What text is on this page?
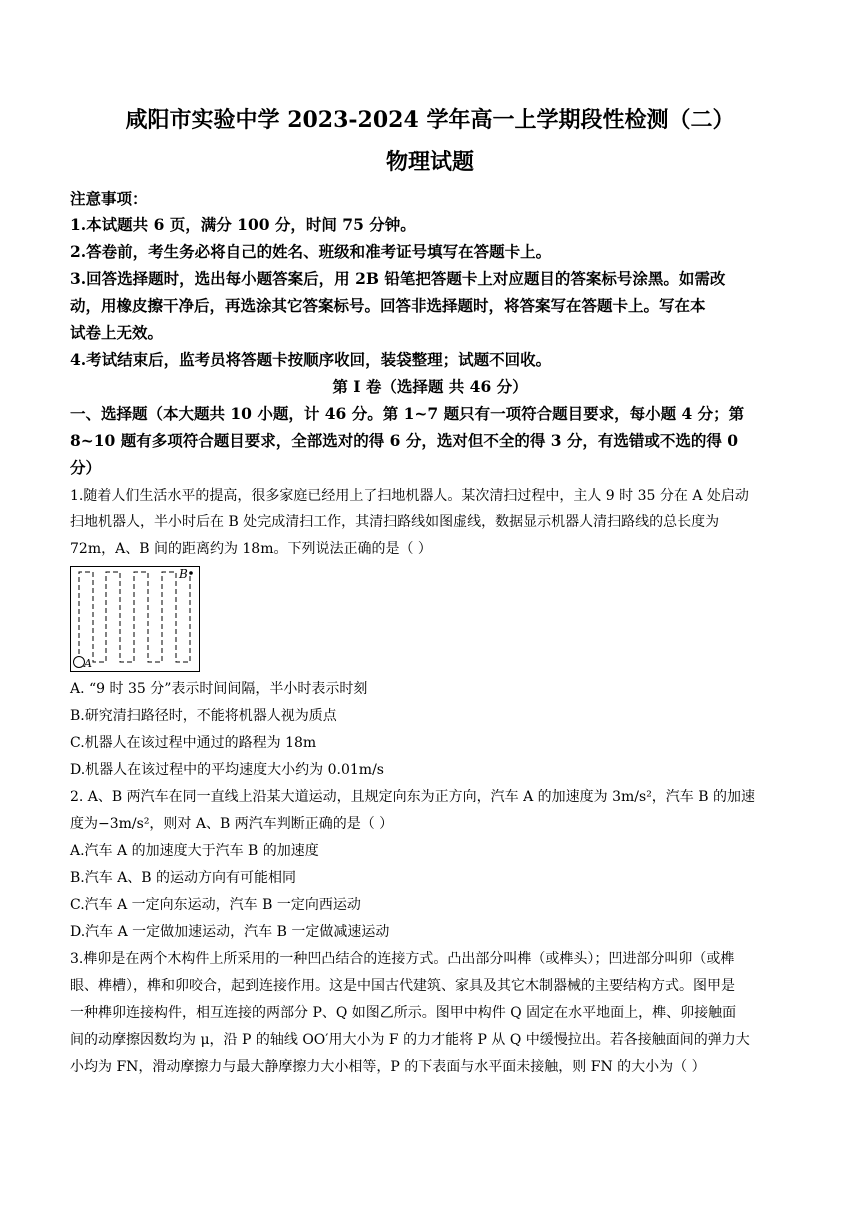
咸阳市实验中学 2023-2024 学年高一上学期段性检测（二）
物理试题
注意事项：
1.本试题共 6 页，满分 100 分，时间 75 分钟。
2.答卷前，考生务必将自己的姓名、班级和准考证号填写在答题卡上。
3.回答选择题时，选出每小题答案后，用 2B 铅笔把答题卡上对应题目的答案标号涂黑。如需改
动，用橡皮擦干净后，再选涂其它答案标号。回答非选择题时，将答案写在答题卡上。写在本
试卷上无效。
4.考试结束后，监考员将答题卡按顺序收回，装袋整理；试题不回收。
第 I 卷（选择题 共 46 分）
一、选择题（本大题共 10 小题，计 46 分。第 1~7 题只有一项符合题目要求，每小题 4 分；第
8~10 题有多项符合题目要求，全部选对的得 6 分，选对但不全的得 3 分，有选错或不选的得 0
分）
1.随着人们生活水平的提高，很多家庭已经用上了扫地机器人。某次清扫过程中，主人 9 时 35 分在 A 处启动
扫地机器人，半小时后在 B 处完成清扫工作，其清扫路线如图虚线，数据显示机器人清扫路线的总长度为
72m，A、B 间的距离约为 18m。下列说法正确的是（ ）
A
B
A. “9 时 35 分”表示时间间隔，半小时表示时刻
B.研究清扫路径时，不能将机器人视为质点
C.机器人在该过程中通过的路程为 18m
D.机器人在该过程中的平均速度大小约为 0.01m/s
2. A、B 两汽车在同一直线上沿某大道运动，且规定向东为正方向，汽车 A 的加速度为 3m/s²，汽车 B 的加速
度为−3m/s²，则对 A、B 两汽车判断正确的是（ ）
A.汽车 A 的加速度大于汽车 B 的加速度
B.汽车 A、B 的运动方向有可能相同
C.汽车 A 一定向东运动，汽车 B 一定向西运动
D.汽车 A 一定做加速运动，汽车 B 一定做减速运动
3.榫卯是在两个木构件上所采用的一种凹凸结合的连接方式。凸出部分叫榫（或榫头）；凹进部分叫卯（或榫
眼、榫槽），榫和卯咬合，起到连接作用。这是中国古代建筑、家具及其它木制器械的主要结构方式。图甲是
一种榫卯连接构件，相互连接的两部分 P、Q 如图乙所示。图甲中构件 Q 固定在水平地面上，榫、卯接触面
间的动摩擦因数均为 μ，沿 P 的轴线 OO′用大小为 F 的力才能将 P 从 Q 中缓慢拉出。若各接触面间的弹力大
小均为 FN，滑动摩擦力与最大静摩擦力大小相等，P 的下表面与水平面未接触，则 FN 的大小为（ ）
